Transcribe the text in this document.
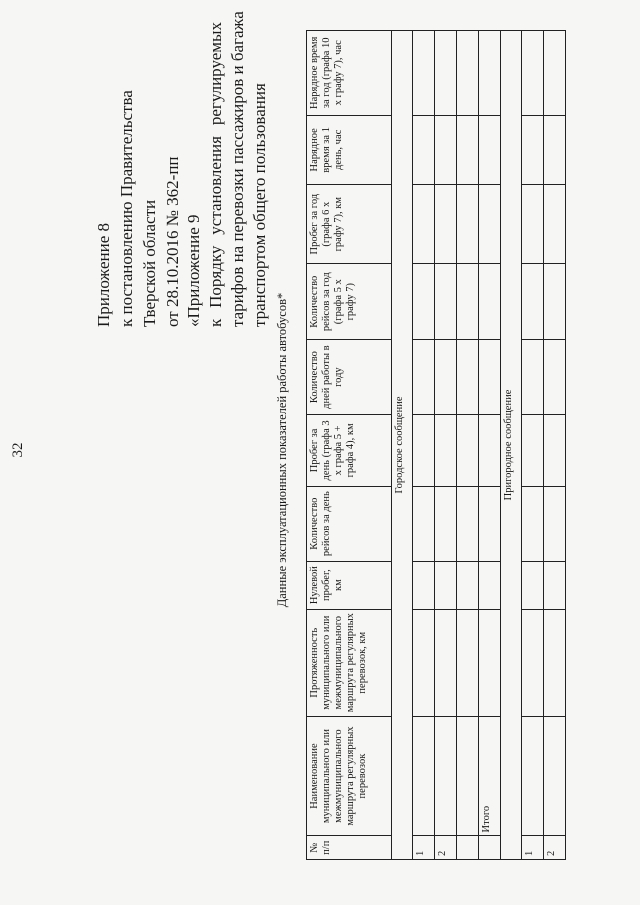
32
Приложение 8 к постановлению Правительства Тверской области от 28.10.2016 № 362-пп «Приложение 9 к
Порядку
установления
регулируемых тарифов на перевозки пассажиров и багажа транспортом общего пользования
Данные эксплуатационных показателей работы автобусов*
№ п/п	Наименование муниципального или межмуниципального маршрута регулярных перевозок	Протяженность муниципального или межмуниципального маршрута регулярных перевозок, км	Нулевой пробег, км	Количество рейсов за день	Пробег за день (графа 3 x графа 5 + графа 4), км	Количество дней работы в году	Количество рейсов за год (графа 5 x графу 7)	Пробег за год (графа 6 x графу 7), км	Нарядное время за 1 день, час	Нарядное время за год (графа 10 x графу 7), час
Городское сообщение										
1										
2										

	Итого									
Пригородное сообщение										
1										
2										
